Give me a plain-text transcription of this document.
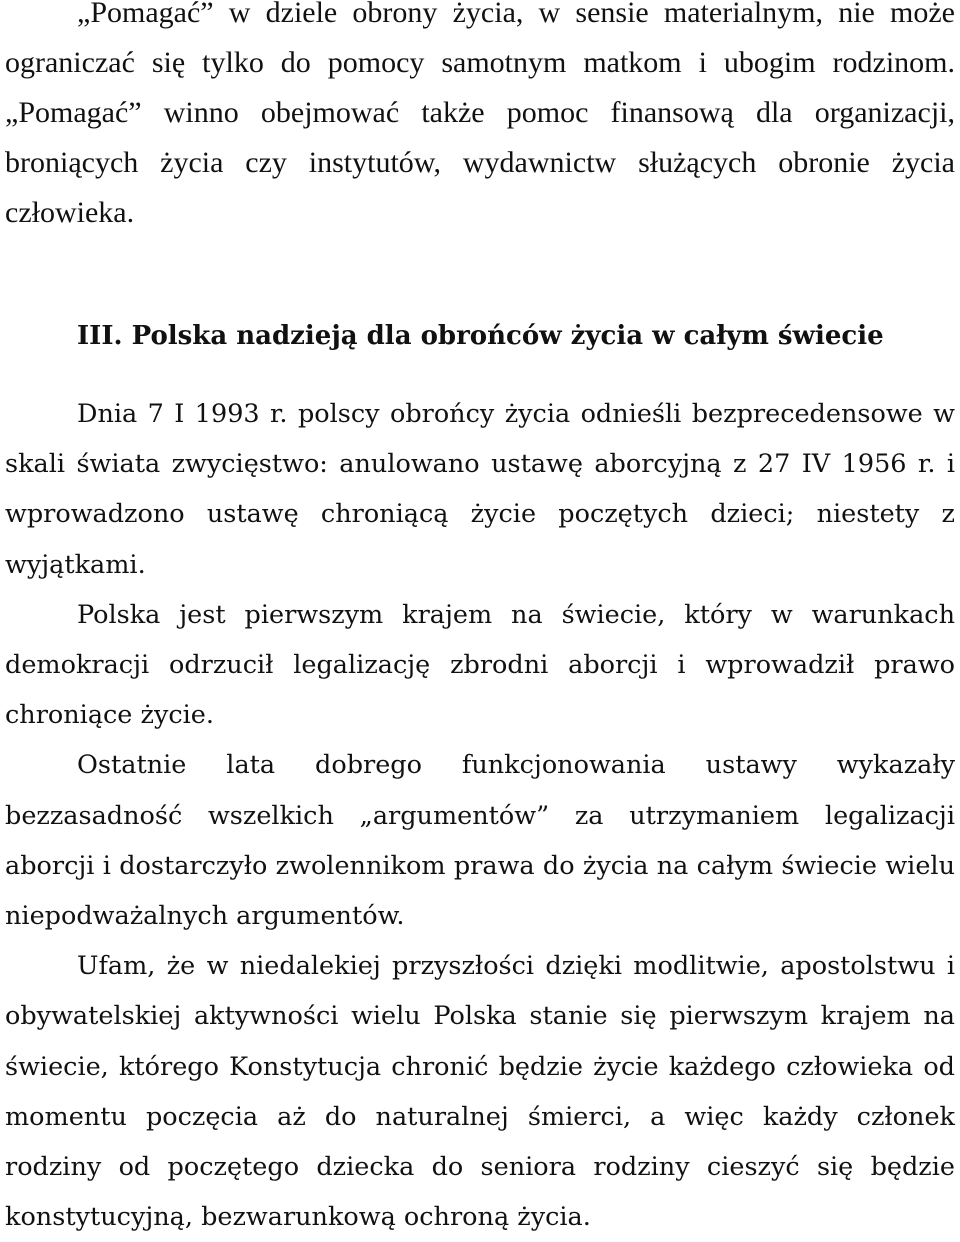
„Pomagać” w dziele obrony życia, w sensie materialnym, nie może ograniczać się tylko do pomocy samotnym matkom i ubogim rodzinom. „Pomagać” winno obejmować także pomoc finansową dla organizacji, broniących życia czy instytutów, wydawnictw służących obronie życia człowieka.

III. Polska nadzieją dla obrońców życia w całym świecie

Dnia 7 I 1993 r. polscy obrońcy życia odnieśli bezprecedensowe w skali świata zwycięstwo: anulowano ustawę aborcyjną z 27 IV 1956 r. i wprowadzono ustawę chroniącą życie poczętych dzieci; niestety z wyjątkami.

Polska jest pierwszym krajem na świecie, który w warunkach demokracji odrzucił legalizację zbrodni aborcji i wprowadził prawo chroniące życie.

Ostatnie lata dobrego funkcjonowania ustawy wykazały bezzasadność wszelkich „argumentów” za utrzymaniem legalizacji aborcji i dostarczyło zwolennikom prawa do życia na całym świecie wielu niepodważalnych argumentów.

Ufam, że w niedalekiej przyszłości dzięki modlitwie, apostolstwu i obywatelskiej aktywności wielu Polska stanie się pierwszym krajem na świecie, którego Konstytucja chronić będzie życie każdego człowieka od momentu poczęcia aż do naturalnej śmierci, a więc każdy członek rodziny od poczętego dziecka do seniora rodziny cieszyć się będzie konstytucyjną, bezwarunkową ochroną życia.
